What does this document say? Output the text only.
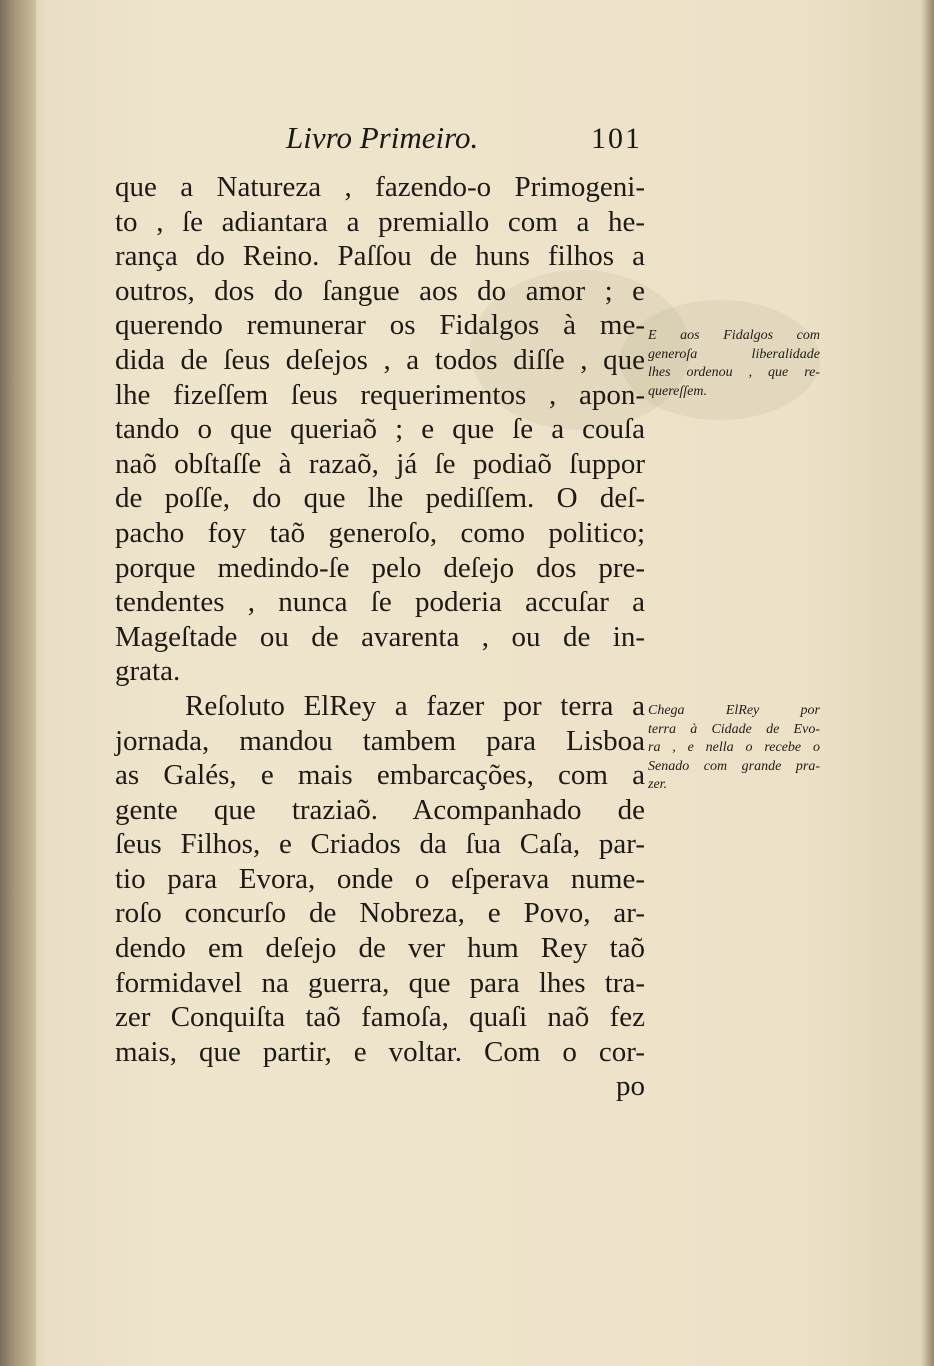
Livro Primeiro.	101
que a Natureza , fazendo-o Primogeni-
to , ſe adiantara a premiallo com a he-
rança do Reino. Paſſou de huns filhos a
outros, dos do ſangue aos do amor ; e
querendo remunerar os Fidalgos à me-
dida de ſeus deſejos , a todos diſſe , que
lhe fizeſſem ſeus requerimentos , apon-
tando o que queriaõ ; e que ſe a couſa
naõ obſtaſſe à razaõ, já ſe podiaõ ſuppor
de poſſe, do que lhe pediſſem. O deſ-
pacho foy taõ generoſo, como politico;
porque medindo-ſe pelo deſejo dos pre-
tendentes , nunca ſe poderia accuſar a
Mageſtade ou de avarenta , ou de in-
grata.
Reſoluto ElRey a fazer por terra a
jornada, mandou tambem para Lisboa
as Galés, e mais embarcações, com a
gente que traziaõ. Acompanhado de
ſeus Filhos, e Criados da ſua Caſa, par-
tio para Evora, onde o eſperava nume-
roſo concurſo de Nobreza, e Povo, ar-
dendo em deſejo de ver hum Rey taõ
formidavel na guerra, que para lhes tra-
zer Conquiſta taõ famoſa, quaſi naõ fez
mais, que partir, e voltar. Com o cor-
po
E aos Fidalgos com
generoſa liberalidade
lhes ordenou , que re-
quereſſem.
Chega ElRey por
terra à Cidade de Evo-
ra , e nella o recebe o
Senado com grande pra-
zer.
